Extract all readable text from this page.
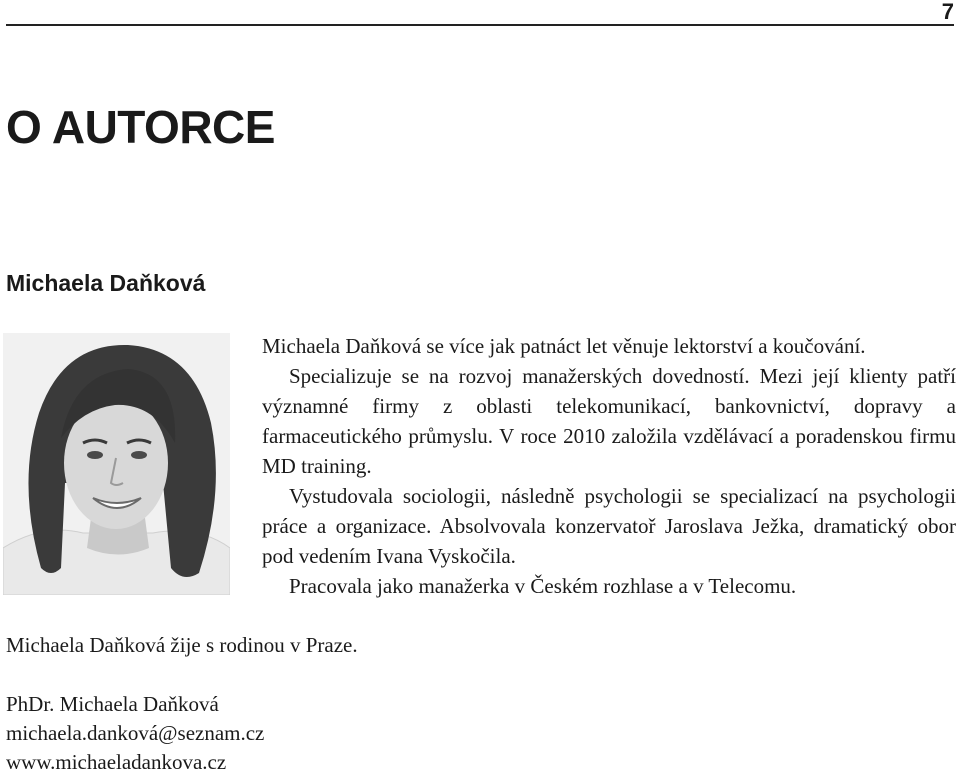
7
O AUTORCE
Michaela Daňková

Michaela Daňková se více jak patnáct let věnuje lektorství a koučování.

Specializuje se na rozvoj manažerských dovedností. Mezi její klienty patří významné firmy z oblasti telekomunikací, bankovnictví, dopravy a farmaceutického průmyslu. V roce 2010 založila vzdělávací a poradenskou firmu MD training.

Vystudovala sociologii, následně psychologii se specializací na psychologii práce a organizace. Absolvovala konzervatoř Jaroslava Ježka, dramatický obor pod vedením Ivana Vyskočila.

Pracovala jako manažerka v Českém rozhlase a v Telecomu.

Michaela Daňková žije s rodinou v Praze.

PhDr. Michaela Daňková
michaela.danková@seznam.cz
www.michaeladankova.cz
